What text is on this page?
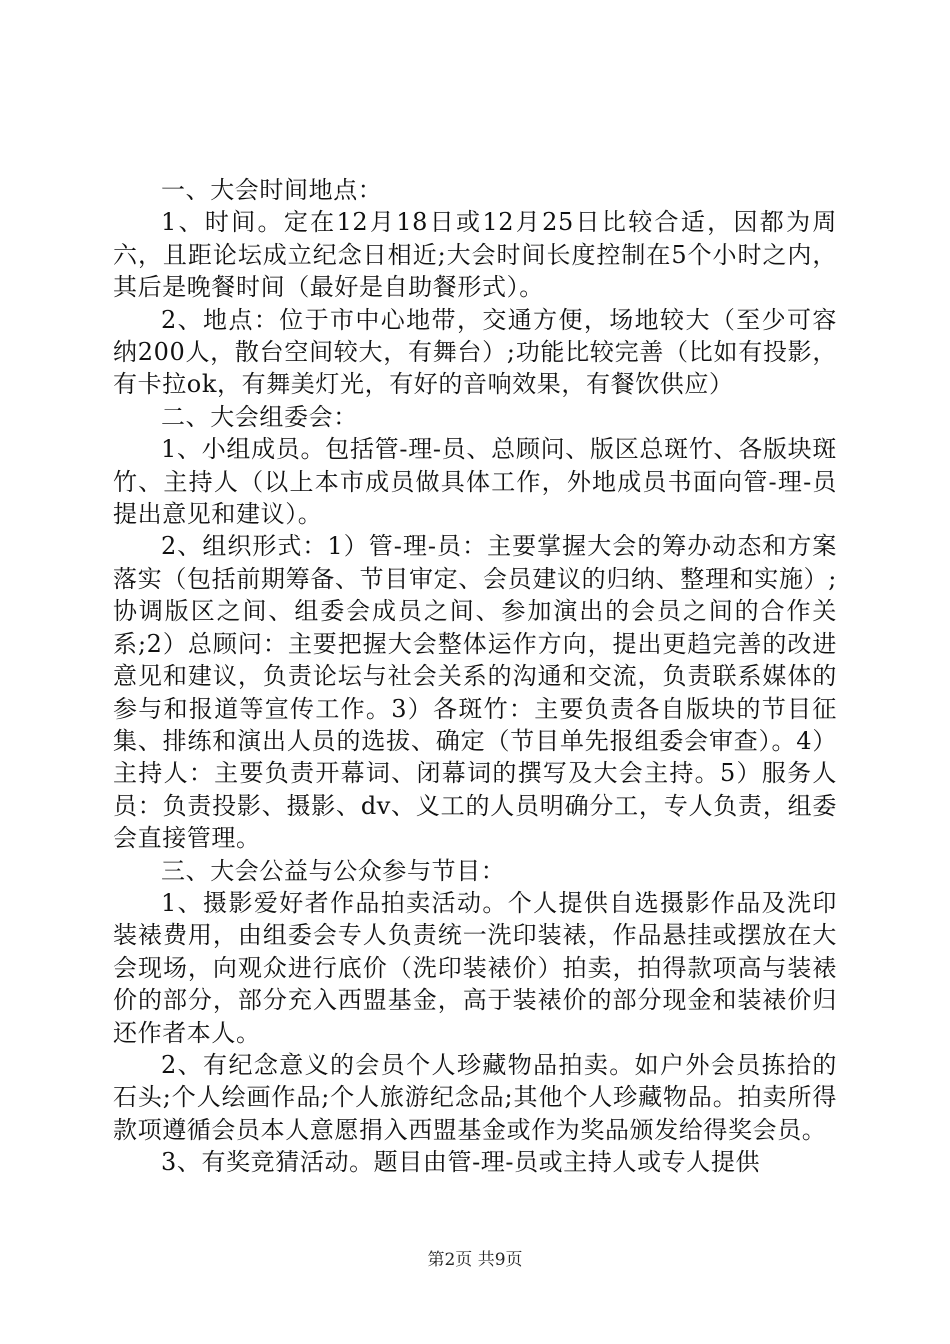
一、大会时间地点：

1、时间。定在12月18日或12月25日比较合适，因都为周六，且距论坛成立纪念日相近;大会时间长度控制在5个小时之内，其后是晚餐时间（最好是自助餐形式）。

2、地点：位于市中心地带，交通方便，场地较大（至少可容纳200人，散台空间较大，有舞台）;功能比较完善（比如有投影，有卡拉ok，有舞美灯光，有好的音响效果，有餐饮供应）

二、大会组委会：

1、小组成员。包括管-理-员、总顾问、版区总斑竹、各版块斑竹、主持人（以上本市成员做具体工作，外地成员书面向管-理-员提出意见和建议）。

2、组织形式：1）管-理-员：主要掌握大会的筹办动态和方案落实（包括前期筹备、节目审定、会员建议的归纳、整理和实施）;协调版区之间、组委会成员之间、参加演出的会员之间的合作关系;2）总顾问：主要把握大会整体运作方向，提出更趋完善的改进意见和建议，负责论坛与社会关系的沟通和交流，负责联系媒体的参与和报道等宣传工作。3）各斑竹：主要负责各自版块的节目征集、排练和演出人员的选拔、确定（节目单先报组委会审查）。4）主持人：主要负责开幕词、闭幕词的撰写及大会主持。5）服务人员：负责投影、摄影、dv、义工的人员明确分工，专人负责，组委会直接管理。

三、大会公益与公众参与节目：

1、摄影爱好者作品拍卖活动。个人提供自选摄影作品及洗印装裱费用，由组委会专人负责统一洗印装裱，作品悬挂或摆放在大会现场，向观众进行底价（洗印装裱价）拍卖，拍得款项高与装裱价的部分，部分充入西盟基金，高于装裱价的部分现金和装裱价归还作者本人。

2、有纪念意义的会员个人珍藏物品拍卖。如户外会员拣拾的石头;个人绘画作品;个人旅游纪念品;其他个人珍藏物品。拍卖所得款项遵循会员本人意愿捐入西盟基金或作为奖品颁发给得奖会员。

3、有奖竞猜活动。题目由管-理-员或主持人或专人提供

第2页 共9页
